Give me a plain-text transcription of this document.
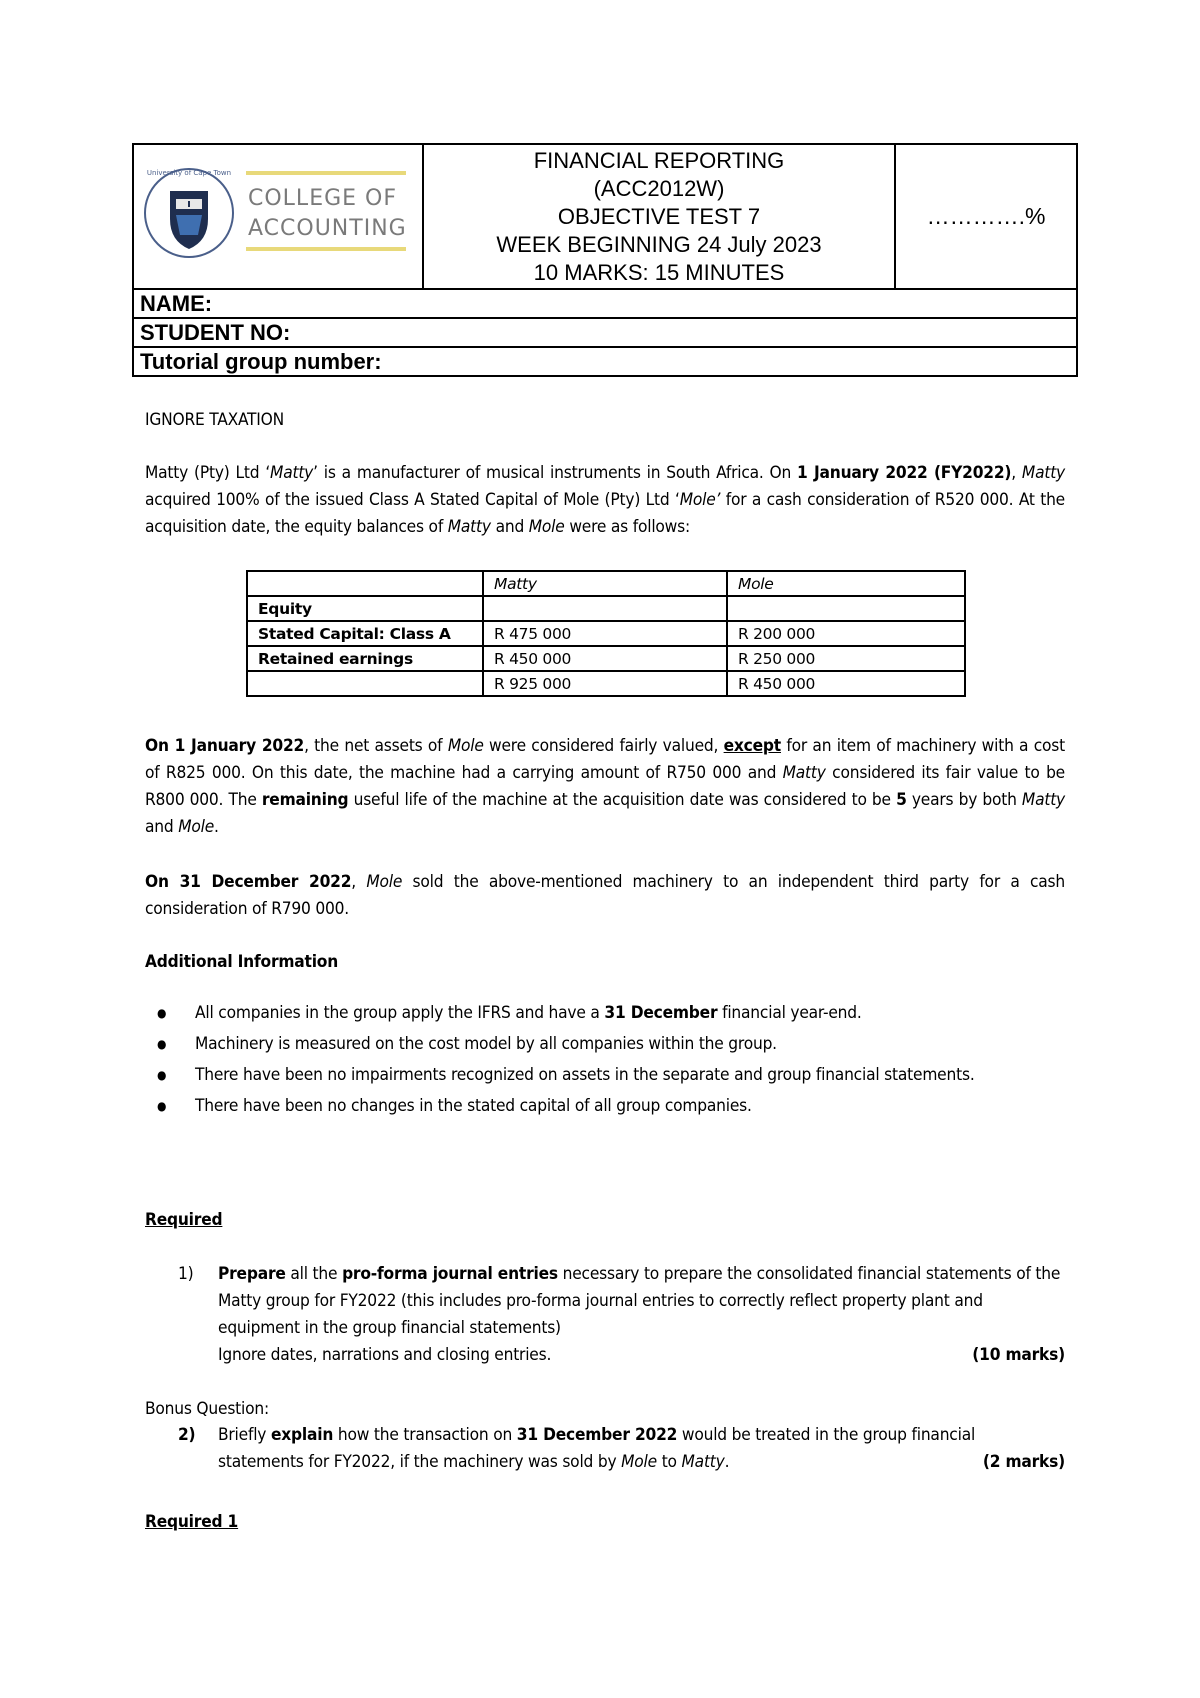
University of Cape Town
COLLEGE OF
ACCOUNTING

FINANCIAL REPORTING
(ACC2012W)
OBJECTIVE TEST 7
WEEK BEGINNING 24 July 2023
10 MARKS: 15 MINUTES
	………….%
NAME:
STUDENT NO:
Tutorial group number:
IGNORE TAXATION

Matty (Pty) Ltd ‘Matty’ is a manufacturer of musical instruments in South Africa. On 1 January 2022 (FY2022), Matty acquired 100% of the issued Class A Stated Capital of Mole (Pty) Ltd ‘Mole’ for a cash consideration of R520 000. At the acquisition date, the equity balances of Matty and Mole were as follows:

	Matty	Mole
Equity		
Stated Capital: Class A	R 475 000	R 200 000
Retained earnings	R 450 000	R 250 000
	R 925 000	R 450 000

On 1 January 2022, the net assets of Mole were considered fairly valued, except for an item of machinery with a cost of R825 000. On this date, the machine had a carrying amount of R750 000 and Matty considered its fair value to be R800 000. The remaining useful life of the machine at the acquisition date was considered to be 5 years by both Matty and Mole.

On 31 December 2022, Mole sold the above-mentioned machinery to an independent third party for a cash consideration of R790 000.

Additional Information
● All companies in the group apply the IFRS and have a 31 December financial year-end.
● Machinery is measured on the cost model by all companies within the group.
● There have been no impairments recognized on assets in the separate and group financial statements.
● There have been no changes in the stated capital of all group companies.
Required
1) Prepare all the pro-forma journal entries necessary to prepare the consolidated financial statements of the Matty group for FY2022 (this includes pro-forma journal entries to correctly reflect property plant and equipment in the group financial statements)
Ignore dates, narrations and closing entries.	(10 marks)
Bonus Question:
2) Briefly explain how the transaction on 31 December 2022 would be treated in the group financial statements for FY2022, if the machinery was sold by Mole to Matty.	(2 marks)
Required 1
